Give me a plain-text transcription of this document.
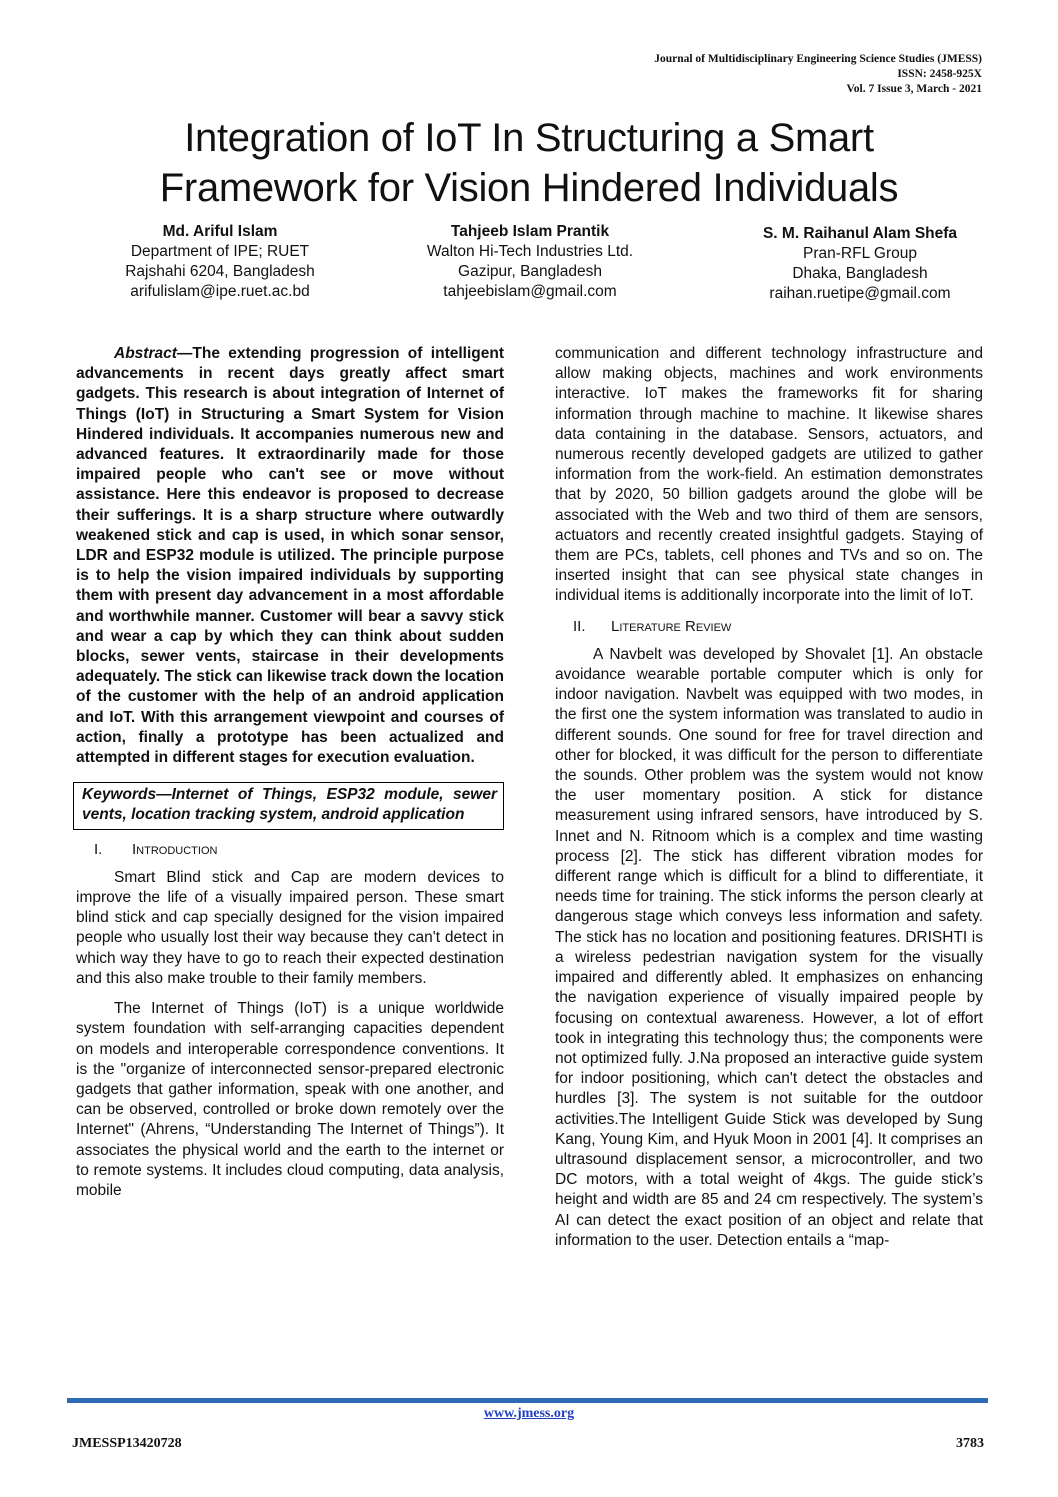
Journal of Multidisciplinary Engineering Science Studies (JMESS)
ISSN: 2458-925X
Vol. 7 Issue 3, March - 2021
Integration of IoT In Structuring a Smart
Framework for Vision Hindered Individuals
Md. Ariful Islam
Department of IPE; RUET
Rajshahi 6204, Bangladesh
arifulislam@ipe.ruet.ac.bd
Tahjeeb Islam Prantik
Walton Hi-Tech Industries Ltd.
Gazipur, Bangladesh
tahjeebislam@gmail.com
S. M. Raihanul Alam Shefa
Pran-RFL Group
Dhaka, Bangladesh
raihan.ruetipe@gmail.com

Abstract—The extending progression of intelligent advancements in recent days greatly affect smart gadgets. This research is about integration of Internet of Things (IoT) in Structuring a Smart System for Vision Hindered individuals. It accompanies numerous new and advanced features. It extraordinarily made for those impaired people who can't see or move without assistance. Here this endeavor is proposed to decrease their sufferings. It is a sharp structure where outwardly weakened stick and cap is used, in which sonar sensor, LDR and ESP32 module is utilized. The principle purpose is to help the vision impaired individuals by supporting them with present day advancement in a most affordable and worthwhile manner. Customer will bear a savvy stick and wear a cap by which they can think about sudden blocks, sewer vents, staircase in their developments adequately. The stick can likewise track down the location of the customer with the help of an android application and IoT. With this arrangement viewpoint and courses of action, finally a prototype has been actualized and attempted in different stages for execution evaluation.

Keywords—Internet of Things, ESP32 module, sewer vents, location tracking system, android application

I. Introduction

Smart Blind stick and Cap are modern devices to improve the life of a visually impaired person. These smart blind stick and cap specially designed for the vision impaired people who usually lost their way because they can't detect in which way they have to go to reach their expected destination and this also make trouble to their family members.

The Internet of Things (IoT) is a unique worldwide system foundation with self-arranging capacities dependent on models and interoperable correspondence conventions. It is the "organize of interconnected sensor-prepared electronic gadgets that gather information, speak with one another, and can be observed, controlled or broke down remotely over the Internet" (Ahrens, “Understanding The Internet of Things”). It associates the physical world and the earth to the internet or to remote systems. It includes cloud computing, data analysis, mobile

communication and different technology infrastructure and allow making objects, machines and work environments interactive. IoT makes the frameworks fit for sharing information through machine to machine. It likewise shares data containing in the database. Sensors, actuators, and numerous recently developed gadgets are utilized to gather information from the work-field. An estimation demonstrates that by 2020, 50 billion gadgets around the globe will be associated with the Web and two third of them are sensors, actuators and recently created insightful gadgets. Staying of them are PCs, tablets, cell phones and TVs and so on. The inserted insight that can see physical state changes in individual items is additionally incorporate into the limit of IoT.

II. Literature Review

A Navbelt was developed by Shovalet [1]. An obstacle avoidance wearable portable computer which is only for indoor navigation. Navbelt was equipped with two modes, in the first one the system information was translated to audio in different sounds. One sound for free for travel direction and other for blocked, it was difficult for the person to differentiate the sounds. Other problem was the system would not know the user momentary position. A stick for distance measurement using infrared sensors, have introduced by S. Innet and N. Ritnoom which is a complex and time wasting process [2]. The stick has different vibration modes for different range which is difficult for a blind to differentiate, it needs time for training. The stick informs the person clearly at dangerous stage which conveys less information and safety. The stick has no location and positioning features. DRISHTI is a wireless pedestrian navigation system for the visually impaired and differently abled. It emphasizes on enhancing the navigation experience of visually impaired people by focusing on contextual awareness. However, a lot of effort took in integrating this technology thus; the components were not optimized fully. J.Na proposed an interactive guide system for indoor positioning, which can't detect the obstacles and hurdles [3]. The system is not suitable for the outdoor activities.The Intelligent Guide Stick was developed by Sung Kang, Young Kim, and Hyuk Moon in 2001 [4]. It comprises an ultrasound displacement sensor, a microcontroller, and two DC motors, with a total weight of 4kgs. The guide stick’s height and width are 85 and 24 cm respectively. The system’s AI can detect the exact position of an object and relate that information to the user. Detection entails a “map-

www.jmess.org
JMESSP13420728	3783
